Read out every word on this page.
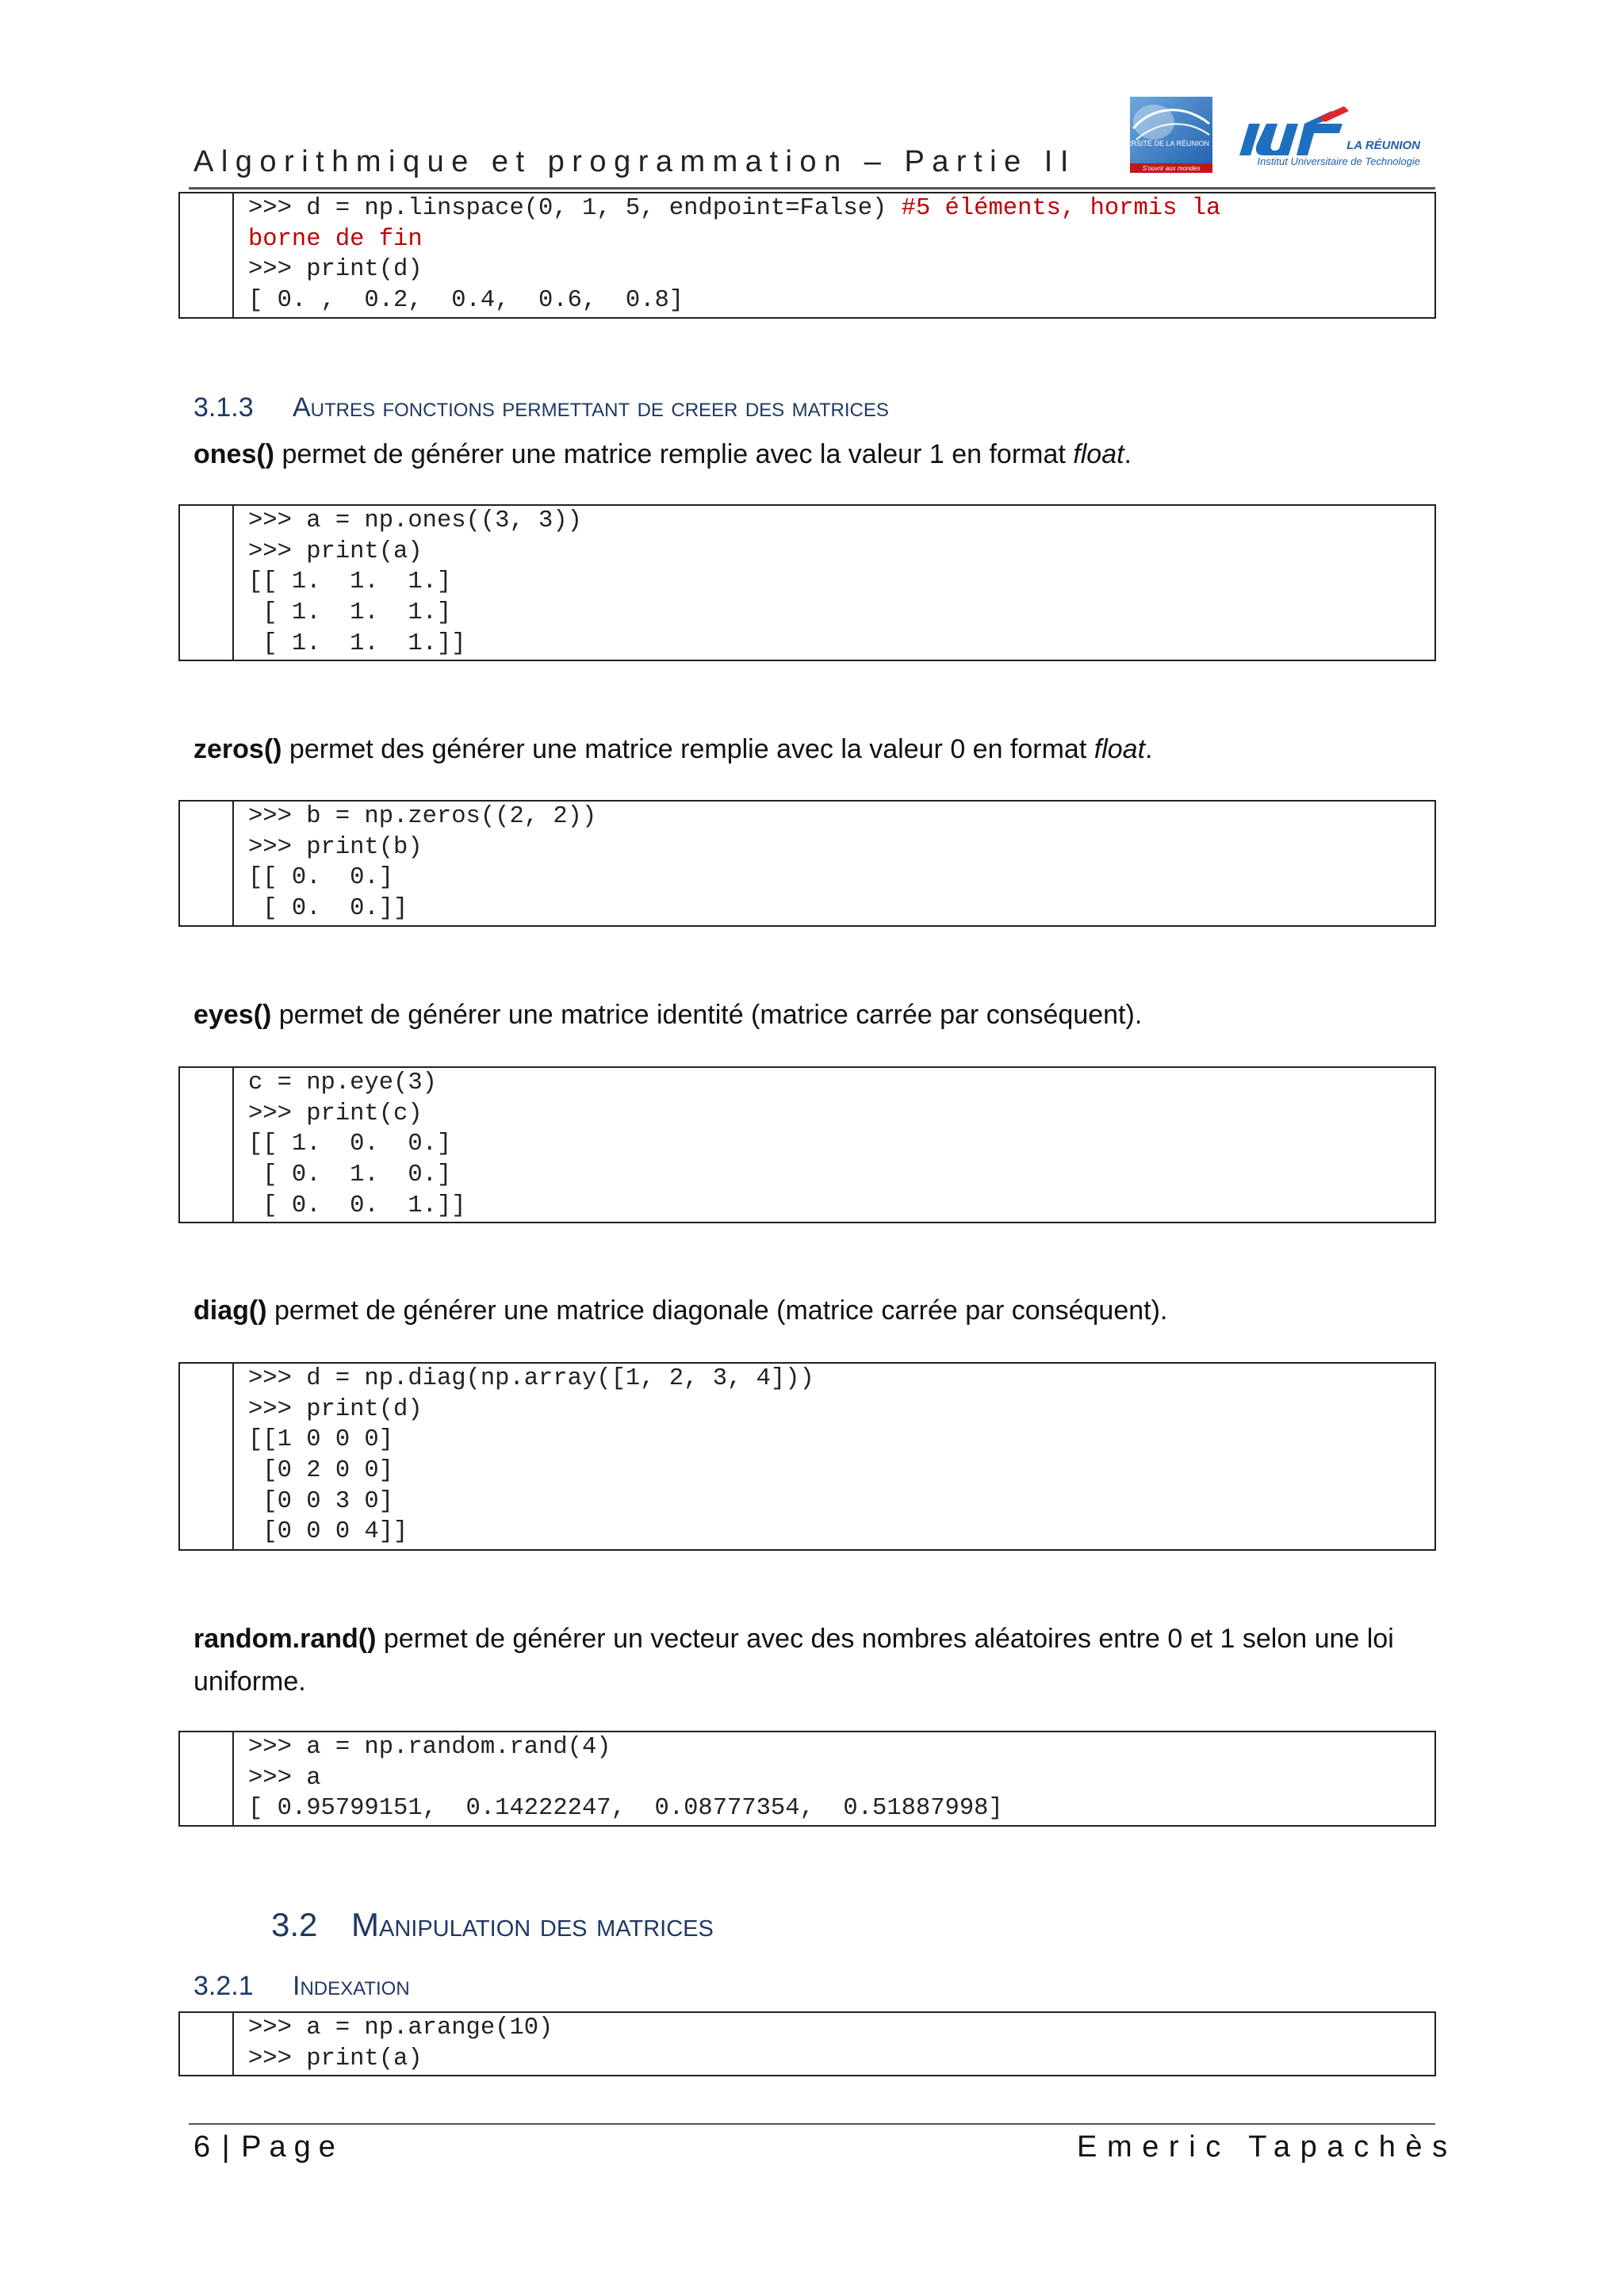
Algorithmique et programmation – Partie II
UNIVERSITÉ DE LA RÉUNION
S'ouvrir aux mondes
LA RÉUNION
Institut Universitaire de Technologie
>>> d = np.linspace(0, 1, 5, endpoint=False) #5 éléments, hormis la
borne de fin
>>> print(d)
[ 0. ,  0.2,  0.4,  0.6,  0.8]
3.1.3 Autres fonctions permettant de creer des matrices
ones() permet de générer une matrice remplie avec la valeur 1 en format float.
>>> a = np.ones((3, 3))
>>> print(a)
[[ 1.  1.  1.]
[ 1.  1.  1.]
[ 1.  1.  1.]]
zeros() permet des générer une matrice remplie avec la valeur 0 en format float.
>>> b = np.zeros((2, 2))
>>> print(b)
[[ 0.  0.]
[ 0.  0.]]
eyes() permet de générer une matrice identité (matrice carrée par conséquent).
c = np.eye(3)
>>> print(c)
[[ 1.  0.  0.]
[ 0.  1.  0.]
[ 0.  0.  1.]]
diag() permet de générer une matrice diagonale (matrice carrée par conséquent).
>>> d = np.diag(np.array([1, 2, 3, 4]))
>>> print(d)
[[1 0 0 0]
[0 2 0 0]
[0 0 3 0]
[0 0 0 4]]
random.rand() permet de générer un vecteur avec des nombres aléatoires entre 0 et 1 selon une loi uniforme.
>>> a = np.random.rand(4)
>>> a
[ 0.95799151,  0.14222247,  0.08777354,  0.51887998]
3.2 Manipulation des matrices
3.2.1 Indexation
>>> a = np.arange(10)
>>> print(a)
6 | Page	Emeric Tapachès
